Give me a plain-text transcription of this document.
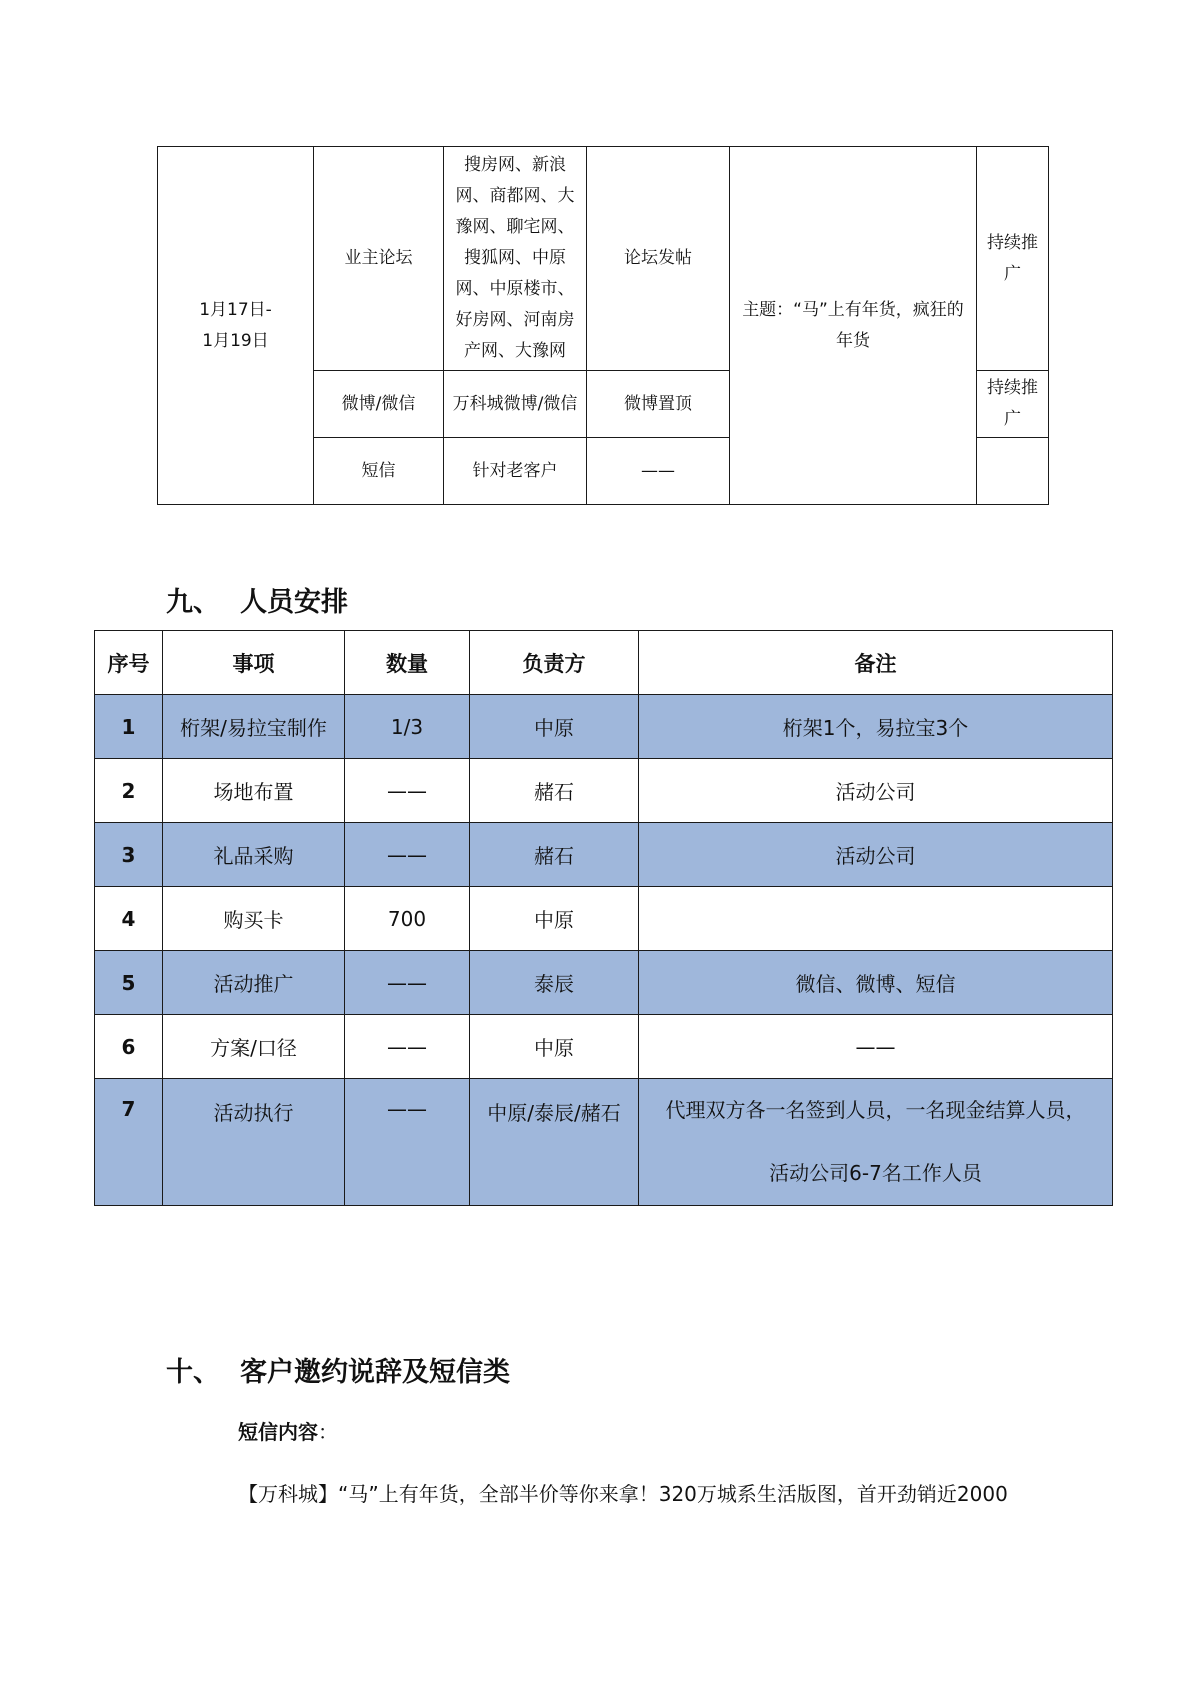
1月17日-
1月19日	业主论坛	搜房网、新浪网、商都网、大豫网、聊宅网、搜狐网、中原网、中原楼市、好房网、河南房产网、大豫网	论坛发帖	主题：“马”上有年货，疯狂的年货	持续推广
	微博/微信	万科城微博/微信	微博置顶		持续推广
	短信	针对老客户	——		
九、 人员安排
序号	事项	数量	负责方	备注
1	桁架/易拉宝制作	1/3	中原	桁架1个，易拉宝3个
2	场地布置	——	赭石	活动公司
3	礼品采购	——	赭石	活动公司
4	购买卡	700	中原	
5	活动推广	——	泰辰	微信、微博、短信
6	方案/口径	——	中原	——

7	活动执行	——	中原/泰辰/赭石	代理双方各一名签到人员，一名现金结算人员，
活动公司6-7名工作人员
十、 客户邀约说辞及短信类

短信内容：

【万科城】“马”上有年货，全部半价等你来拿！320万城系生活版图，首开劲销近2000
